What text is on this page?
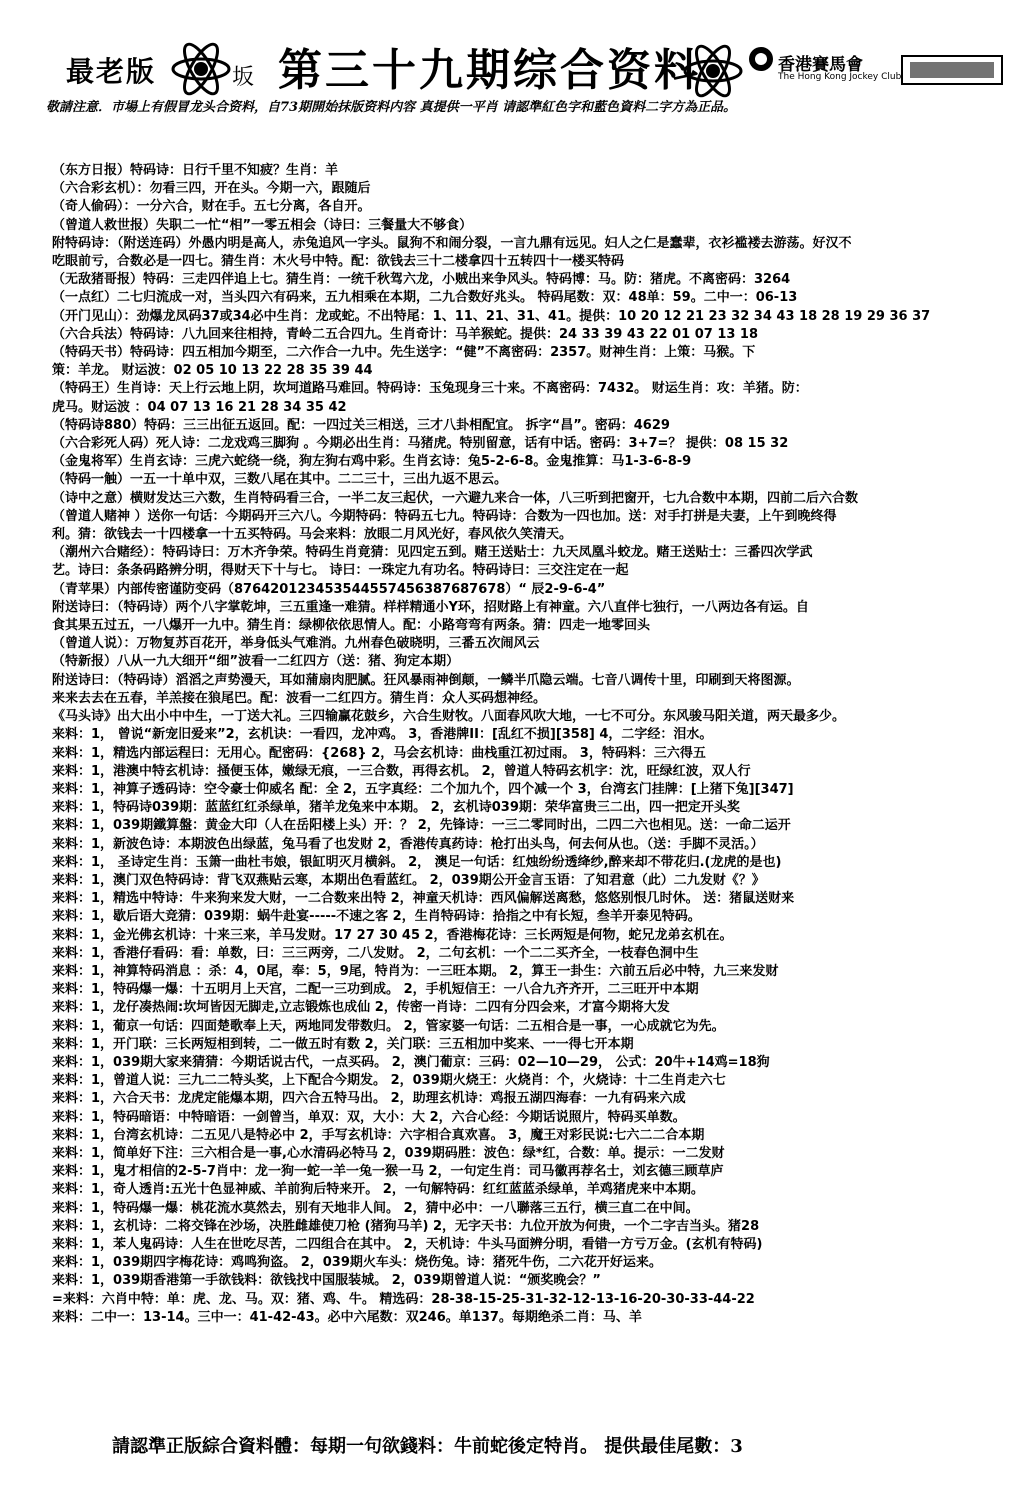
最老版	坂 第三十九期综合资料	香港賽馬會
The Hong Kong Jockey Club
敬請注意．市場上有假冒龙头合资料，自73期開始抹版资料内容 真提供一平肖 请認準紅色字和藍色資料二字方為正品。
（东方日报）特码诗：日行千里不知疲？生肖：羊
（六合彩玄机）：勿看三四，开在头。今期一六，跟随后
（奇人偷码）：一分六合，财在手。五七分离，各自开。
（曾道人救世报）失职二一忙“相”一零五相会（诗曰：三餐量大不够食）
附特码诗：（附送连码）外愚内明是高人，赤兔追风一字头。鼠狗不和闹分裂，一言九鼎有远见。妇人之仁是蠢辈，衣衫褴褛去游荡。好汉不
吃眼前亏，合数必是一四七。猜生肖：木火号中特。配：欲钱去三十二楼拿四十五转四十一楼买特码
（无敌猪哥报）特码：三走四伴追上七。猜生肖：一统千秋驾六龙，小贼出来争风头。特码博：马。防：猪虎。不离密码：3264
（一点红）二七归流成一对，当头四六有码来，五九相乘在本期，二九合数好兆头。 特码尾数：双：48单：59。二中一：06-13
（开门见山）：劲爆龙凤码37或34必中生肖：龙或蛇。不出特尾：1、11、21、31、41。提供：10 20 12 21 23 32 34 43 18 28 19 29 36 37
（六合兵法）特码诗：八九回来往相持，青岭二五合四九。生肖奇计：马羊猴蛇。提供：24 33 39 43 22 01 07 13 18
（特码天书）特码诗：四五相加今期至，二六作合一九中。先生送字：“健”不离密码：2357。财神生肖：上策：马猴。下
策：羊龙。 财运波：02 05 10 13 22 28 35 39 44
（特码王）生肖诗：天上行云地上阴，坎坷道路马难回。特码诗：玉兔现身三十来。不离密码：7432。 财运生肖：攻：羊猪。防：
虎马。财运波 ：04 07 13 16 21 28 34 35 42
（特码诗880）特码：三三出征五返回。配：一四过关三相送，三才八卦相配宜。 拆字“昌”。密码：4629
（六合彩死人码）死人诗：二龙戏鸡三脚狗 。今期必出生肖：马猪虎。特别留意，话有中话。密码：3+7=？ 提供：08 15 32
（金鬼将军）生肖玄诗：三虎六蛇绕一绕，狗左狗右鸡中彩。生肖玄诗：兔5-2-6-8。金鬼推算：马1-3-6-8-9
（特码一触）一五一十单中双，三数八尾在其中。二二三十，三出九返不思云。
（诗中之意）横财发达三六数，生肖特码看三合，一半二友三起伏，一六避九来合一体，八三听到把窗开，七九合数中本期，四前二后六合数
（曾道人赌神 ）送你一句话：今期码开三六八。今期特码：特码五七九。特码诗：合数为一四也加。送：对手打拼是夫妻，上午到晚终得
利。猜：欲钱去一十四楼拿一十五买特码。马会来料：放眼二月风光好，春风依久笑清天。
（潮州六合赌经）：特码诗曰：万木齐争荣。特码生肖竟猜：见四定五到。赌王送贴士：九天凤凰斗蛟龙。赌王送贴士：三番四次学武
艺。诗曰：条条码路辨分明，得财天下十与七。 诗曰：一珠定九有功名。特码诗曰：三交注定在一起
（青苹果）内部传密谨防变码（876420123453544557456387687678）“ 辰2-9-6-4”
附送诗曰：（特码诗）两个八字掌乾坤，三五重逢一难猜。样样精通小Y环，招财路上有神童。六八直伴七独行，一八两边各有运。自
食其果五过五，一八爆开一九中。猜生肖：绿柳依依思情人。配：小路弯弯有两条。猜：四走一地零回头
（曾道人说）：万物复苏百花开，举身低头气难消。九州春色破晓明，三番五次闹风云
（特新报）八从一九大细开“细”波看一二红四方（送：猪、狗定本期）
附送诗曰：（特码诗）滔滔之声势漫天，耳如蒲扇肉肥腻。狂风暴雨神倒颠，一鳞半爪隐云端。七音八调传十里，印刷到天将图源。
来来去去在五春，羊羔接在狼尾巴。配：波看一二红四方。猜生肖：众人买码想神经。
《马头诗》出大出小中中生，一丁送大礼。三四输赢花鼓乡，六合生财牧。八面春风吹大地，一七不可分。东风骏马阳关道，两天最多少。
来料：1， 曾说“新宠旧爱来”2，玄机诀：一看四，龙冲鸡。 3，香港牌II：[乱红不损][358] 4，二字经：泪水。
来料：1，精选内部运程曰：无用心。配密码：{268} 2，马会玄机诗：曲栈重江初过雨。 3，特码料：三六得五
来料：1，港澳中特玄机诗：掻便玉体，嫩绿无痕，一三合数，再得玄机。 2，曾道人特码玄机字：沈，旺绿红波，双人行
来料：1，神算子透码诗：空令豪士仰威名 配：全 2，五字真经：二个加九个，四个减一个 3，台湾玄门挂牌：[上猪下兔][347]
来料：1，特码诗039期：蓝蓝红红杀绿单，猪羊龙兔来中本期。 2，玄机诗039期：荣华富贵三二出，四一把定开头奖
来料：1，039期鐵算盤：黄金大印（人在岳阳楼上头）开：？ 2，先锋诗：一三二零同时出，二四二六也相见。送：一命二运开
来料：1，新波色诗：本期波色出绿蓝，兔马看了也发财 2，香港传真药诗：枪打出头鸟，何去何从也。（送：手脚不灵活。）
来料：1， 圣诗定生肖：玉箫一曲杜韦娘，银缸明灭月横斜。 2， 澳足一句话：红烛纷纷透绛纱,醉来却不带花归.(龙虎的是也)
来料：1，澳门双色特码诗：背飞双燕贴云寒，本期出色看蓝红。 2，039期公开金言玉语：了知君意（此）二九发财《？》
来料：1，精选中特诗：牛来狗来发大财，一二合数来出特 2，神童天机诗：西风偏解送离愁，悠悠别恨几时休。 送：猪鼠送财来
来料：1，歇后语大竞猜：039期：蜗牛赴宴-----不速之客 2，生肖特码诗：拾指之中有长短，叁羊开泰见特码。
来料：1，金光佛玄机诗：十来三来，羊马发财。17 27 30 45 2，香港梅花诗：三长两短是何物，蛇兄龙弟玄机在。
来料：1，香港仔看码：看：单数，曰：三三两旁，二八发财。 2，二句玄机：一个二二买齐全，一枝春色洞中生
来料：1，神算特码消息 ：杀：4，0尾，奉：5，9尾，特肖为：一三旺本期。 2，算王一卦生：六前五后必中特，九三来发财
来料：1，特码爆一爆：十五明月上天宫，二配一三功到成。 2，手机短信王：一八合九齐齐开，二三旺开中本期
来料：1，龙仔凑热闹:坎坷皆因无脚走,立志锻炼也成仙 2，传密一肖诗：二四有分四会来，才富今期将大发
来料：1，葡京一句话：四面楚歌奉上天，两地同发带数归。 2，管家婆一句话：二五相合是一事，一心成就它为先。
来料：1，开门联：三长两短相到转，二一做五时有数 2，关门联：三五相加中奖来、一一得七开本期
来料：1，039期大家来猜猜：今期话说古代，一点买码。 2，澳门葡京：三码：02—10—29， 公式：20牛+14鸡=18狗
来料：1，曾道人说：三九二二特头奖，上下配合今期发。 2，039期火烧王：火烧肖：个，火烧诗：十二生肖走六七
来料：1，六合天书：龙虎定能爆本期，四六合五特马出。 2，助理玄机诗：鸡报五湖四海春：一九有码来六成
来料：1，特码暗语：中特暗语：一剑曾当，单双：双，大小：大 2，六合心经：今期话说照片，特码买单数。
来料：1，台湾玄机诗：二五见八是特必中 2，手写玄机诗：六字相合真欢喜。 3，魔王对彩民说:七六二二合本期
来料：1，简单好下注：三六相合是一事,心水清码必特马 2，039期码胜：波色：绿*红，合数：单。提示：一二发财
来料：1，鬼才相信的2-5-7肖中：龙一狗一蛇一羊一兔一猴一马 2，一句定生肖：司马徽再荐名士，刘玄德三顾草庐
来料：1，奇人透肖:五光十色显神威、羊前狗后特来开。 2，一句解特码：红红蓝蓝杀绿单，羊鸡猪虎来中本期。
来料：1，特码爆一爆：桃花流水莫然去，别有天地非人间。 2，猜中必中：一八聯落三五行，横三直二在中间。
来料：1，玄机诗：二将交锋在沙场，决胜雌雄使刀枪 (猪狗马羊) 2，无字天书：九位开放为何贵，一个二字吉当头。猪28
来料：1，苯人鬼码诗：人生在世吃尽苦，二四组合在其中。 2，天机诗：牛头马面辨分明，看错一方亏万金。(玄机有特码)
来料：1，039期四字梅花诗：鸡鸣狗盗。 2，039期火车头：烧伤兔。诗：猪死牛伤，二六花开好运来。
来料：1，039期香港第一手欲钱料：欲钱找中国服装城。 2，039期曾道人说：“颁奖晚会？”
=来料：六肖中特：单：虎、龙、马。双：猪、鸡、牛。 精选码：28-38-15-25-31-32-12-13-16-20-30-33-44-22
来料：二中一：13-14。三中一：41-42-43。必中六尾数：双246。单137。每期绝杀二肖：马、羊
請認準正版綜合資料體：每期一句欲錢料：牛前蛇後定特肖。 提供最佳尾數：3
